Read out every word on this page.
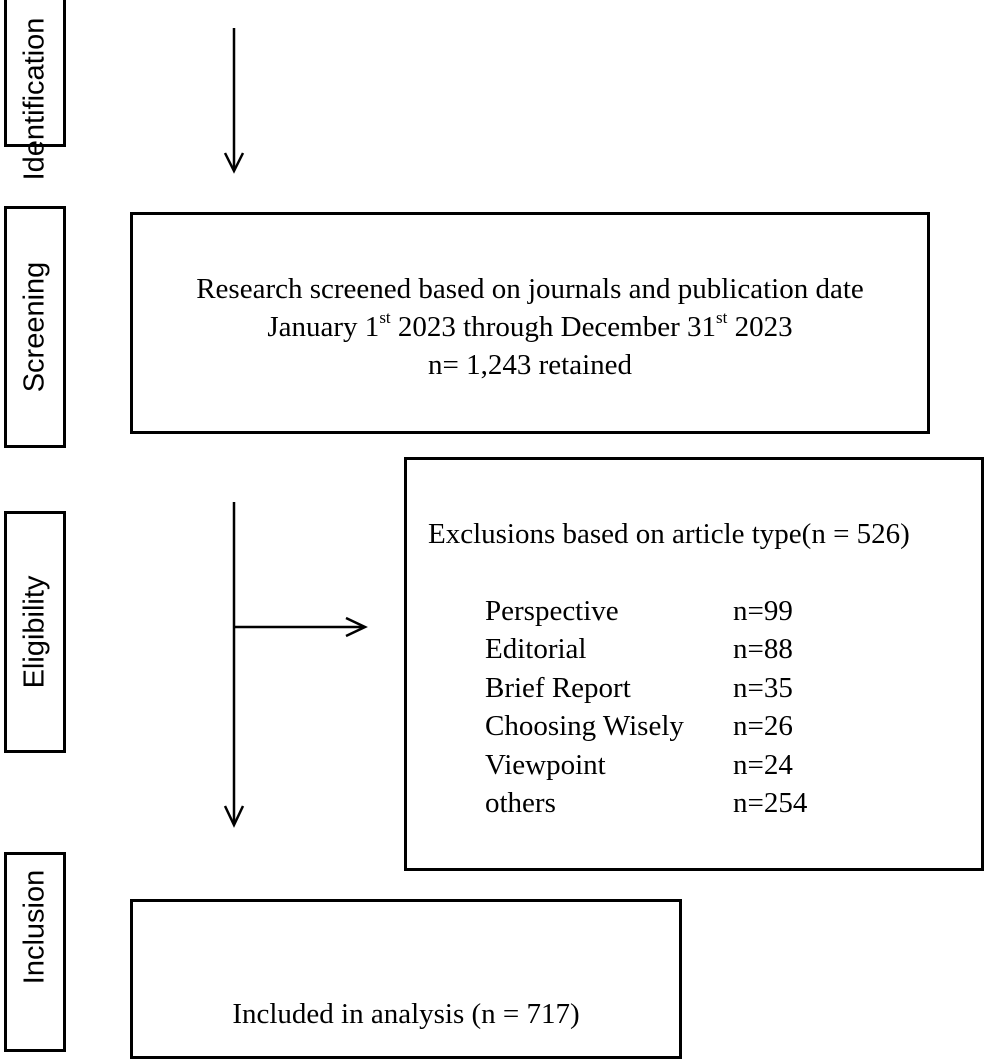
Identification
Screening
Eligibility
Inclusion
Research screened based on journals and publication date
January 1st 2023 through December 31st 2023
n= 1,243 retained
Exclusions based on article type(n = 526)
Perspective	n=99
Editorial	n=88
Brief Report	n=35
Choosing Wisely n=26
Viewpoint	n=24
others	n=254
Included in analysis (n = 717)
